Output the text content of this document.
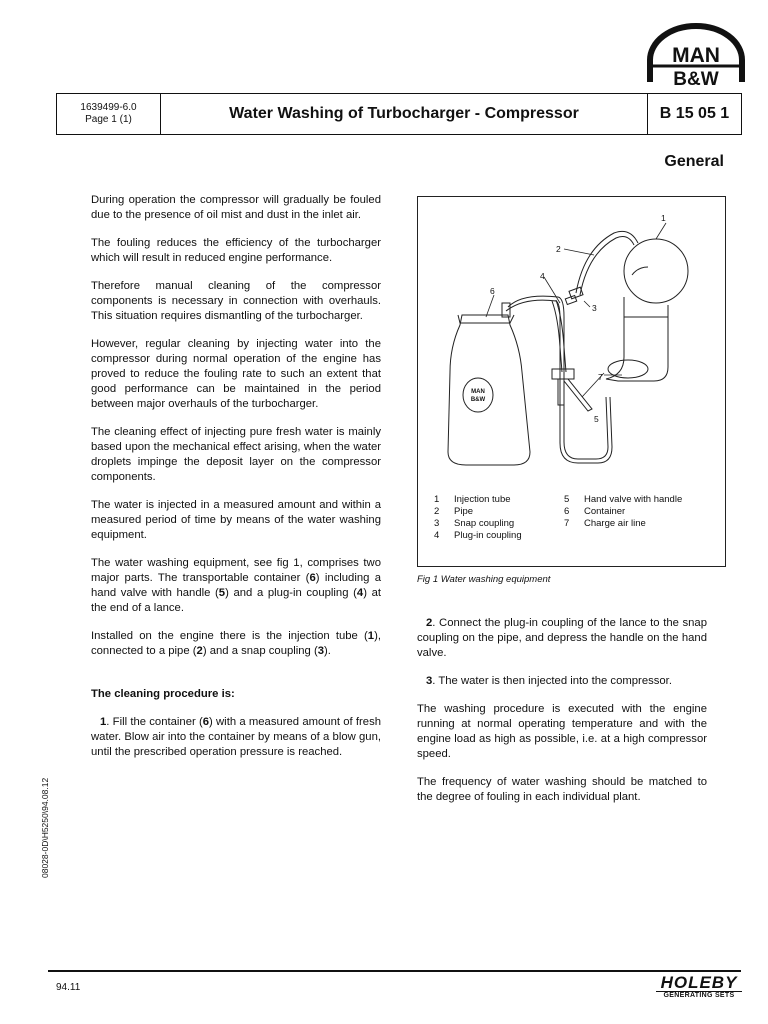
MAN
B&W
1639499-6.0
Page 1 (1)	Water Washing of Turbocharger - Compressor	B 15 05 1
General

During operation the compressor will gradually be fouled due to the presence of oil mist and dust in the inlet air.

The fouling reduces the efficiency of the turbocharger which will result in reduced engine performance.

Therefore manual cleaning of the compressor components is necessary in connection with overhauls. This situation requires dismantling of the turbocharger.

However, regular cleaning by injecting water into the compressor during normal operation of the engine has proved to reduce the fouling rate to such an extent that good performance can be maintained in the period between major overhauls of the turbocharger.

The cleaning effect of injecting pure fresh water is mainly based upon the mechanical effect arising, when the water droplets impinge the deposit layer on the compressor components.

The water is injected in a measured amount and within a measured period of time by means of the water washing equipment.

The water washing equipment, see fig 1, comprises two major parts. The transportable container (6) including a hand valve with handle (5) and a plug-in coupling (4) at the end of a lance.

Installed on the engine there is the injection tube (1), connected to a pipe (2) and a snap coupling (3).

The cleaning procedure is:

1. Fill the container (6) with a measured amount of fresh water. Blow air into the container by means of a blow gun, until the prescribed operation pressure is reached.

1
2
3
4
5
6
7
MAN
B&W
1 Injection tube
2 Pipe
3 Snap coupling
4 Plug-in coupling
5 Hand valve with handle
6 Container
7 Charge air line
Fig 1 Water washing equipment

2. Connect the plug-in coupling of the lance to the snap coupling on the pipe, and depress the handle on the hand valve.

3. The water is then injected into the compressor.

The washing procedure is executed with the engine running at normal operating temperature and with the engine load as high as possible, i.e. at a high compressor speed.

The frequency of water washing should be matched to the degree of fouling in each individual plant.

08028-0D\H5250\94.08.12
94.11	HOLEBY
GENERATING SETS
